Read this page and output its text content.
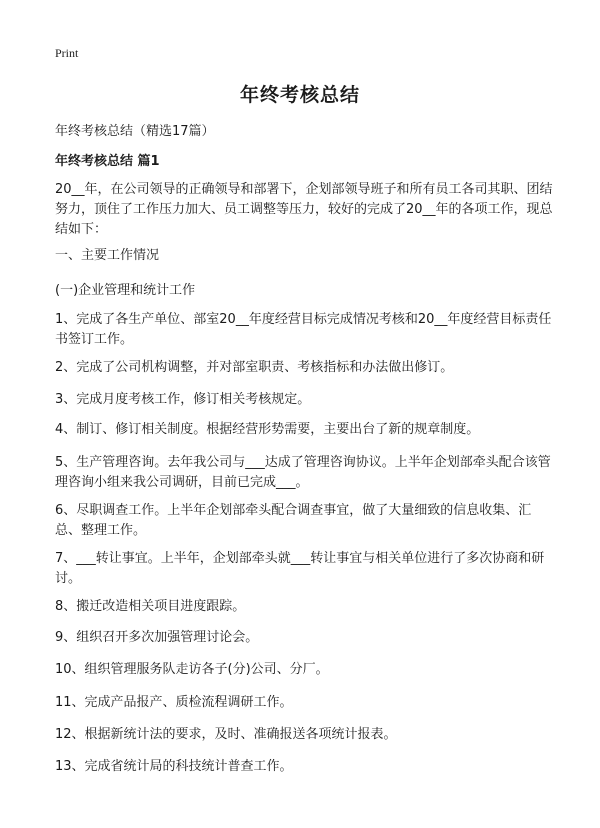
Print
年终考核总结
年终考核总结（精选17篇）
年终考核总结 篇1

20__年，在公司领导的正确领导和部署下，企划部领导班子和所有员工各司其职、团结努力，顶住了工作压力加大、员工调整等压力，较好的完成了20__年的各项工作，现总结如下：

一、主要工作情况

(一)企业管理和统计工作

1、完成了各生产单位、部室20__年度经营目标完成情况考核和20__年度经营目标责任书签订工作。

2、完成了公司机构调整，并对部室职责、考核指标和办法做出修订。

3、完成月度考核工作，修订相关考核规定。

4、制订、修订相关制度。根据经营形势需要，主要出台了新的规章制度。

5、生产管理咨询。去年我公司与___达成了管理咨询协议。上半年企划部牵头配合该管理咨询小组来我公司调研，目前已完成___。

6、尽职调查工作。上半年企划部牵头配合调查事宜，做了大量细致的信息收集、汇总、整理工作。

7、___转让事宜。上半年，企划部牵头就___转让事宜与相关单位进行了多次协商和研讨。

8、搬迁改造相关项目进度跟踪。

9、组织召开多次加强管理讨论会。

10、组织管理服务队走访各子(分)公司、分厂。

11、完成产品报产、质检流程调研工作。

12、根据新统计法的要求，及时、准确报送各项统计报表。

13、完成省统计局的科技统计普查工作。
